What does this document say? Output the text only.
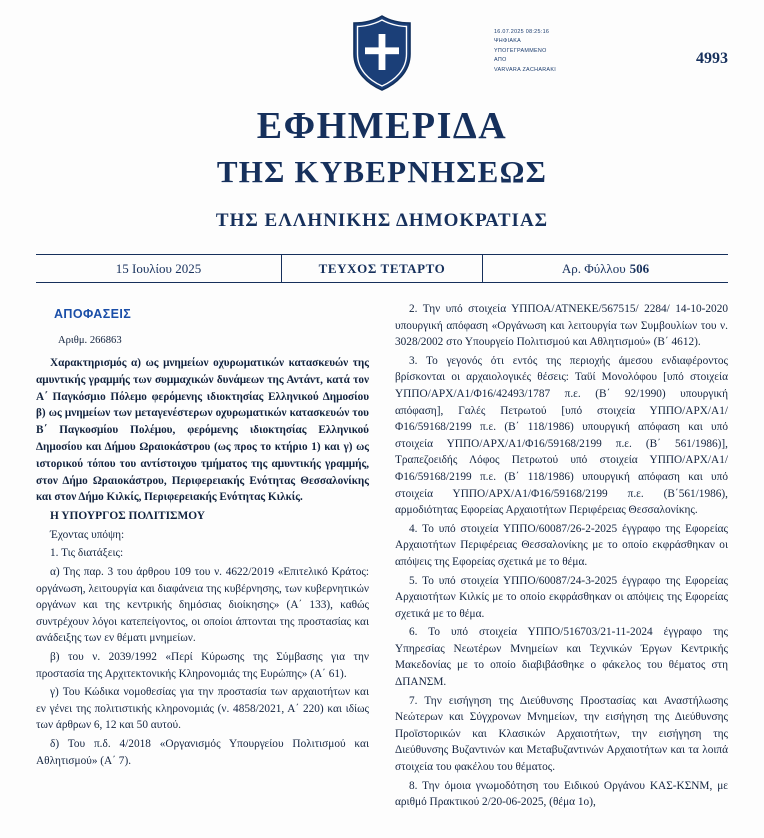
16.07.2025 08:25:16
ΨΗΦΙΑΚΑ
ΥΠΟΓΕΓΡΑΜΜΕΝΟ
ΑΠΟ
VARVARA ZACHARAKI
4993
ΕΦΗΜΕΡΙΔΑ
ΤΗΣ ΚΥΒΕΡΝΗΣΕΩΣ
ΤΗΣ ΕΛΛΗΝΙΚΗΣ ΔΗΜΟΚΡΑΤΙΑΣ
15 Ιουλίου 2025	ΤΕΥΧΟΣ ΤΕΤΑΡΤΟ	Αρ. Φύλλου 506
ΑΠΟΦΑΣΕΙΣ
Αριθμ. 266863

Χαρακτηρισμός α) ως μνημείων οχυρωματικών κατασκευών της αμυντικής γραμμής των συμμαχικών δυνάμεων της Αντάντ, κατά τον Α΄ Παγκόσμιο Πόλεμο φερόμενης ιδιοκτησίας Ελληνικού Δημοσίου β) ως μνημείων των μεταγενέστερων οχυρωματικών κατασκευών του Β΄ Παγκοσμίου Πολέμου, φερόμενης ιδιοκτησίας Ελληνικού Δημοσίου και Δήμου Ωραιοκάστρου (ως προς το κτήριο 1) και γ) ως ιστορικού τόπου του αντίστοιχου τμήματος της αμυντικής γραμμής, στον Δήμο Ωραιοκάστρου, Περιφερειακής Ενότητας Θεσσαλονίκης και στον Δήμο Κιλκίς, Περιφερειακής Ενότητας Κιλκίς.

Η ΥΠΟΥΡΓΟΣ ΠΟΛΙΤΙΣΜΟΥ

Έχοντας υπόψη:

1. Τις διατάξεις:

α) Της παρ. 3 του άρθρου 109 του ν. 4622/2019 «Επιτελικό Κράτος: οργάνωση, λειτουργία και διαφάνεια της κυβέρνησης, των κυβερνητικών οργάνων και της κεντρικής δημόσιας διοίκησης» (Α΄ 133), καθώς συντρέχουν λόγοι κατεπείγοντος, οι οποίοι άπτονται της προστασίας και ανάδειξης των εν θέματι μνημείων.

β) του ν. 2039/1992 «Περί Κύρωσης της Σύμβασης για την προστασία της Αρχιτεκτονικής Κληρονομιάς της Ευρώπης» (Α΄ 61).

γ) Του Κώδικα νομοθεσίας για την προστασία των αρχαιοτήτων και εν γένει της πολιτιστικής κληρονομιάς (ν. 4858/2021, Α΄ 220) και ιδίως των άρθρων 6, 12 και 50 αυτού.

δ) Του π.δ. 4/2018 «Οργανισμός Υπουργείου Πολιτισμού και Αθλητισμού» (Α΄ 7).

2. Την υπό στοιχεία ΥΠΠΟΑ/ΑΤΝΕΚΕ/567515/ 2284/ 14-10-2020 υπουργική απόφαση «Οργάνωση και λειτουργία των Συμβουλίων του ν. 3028/2002 στο Υπουργείο Πολιτισμού και Αθλητισμού» (Β΄ 4612).

3. Το γεγονός ότι εντός της περιοχής άμεσου ενδιαφέροντος βρίσκονται οι αρχαιολογικές θέσεις: Ταϋί Μονολόφου [υπό στοιχεία ΥΠΠΟ/ΑΡΧ/Α1/Φ16/42493/1787 π.ε. (Β΄ 92/1990) υπουργική απόφαση], Γαλές Πετρωτού [υπό στοιχεία ΥΠΠΟ/ΑΡΧ/Α1/Φ16/59168/2199 π.ε. (Β΄ 118/1986) υπουργική απόφαση και υπό στοιχεία ΥΠΠΟ/ΑΡΧ/Α1/Φ16/59168/2199 π.ε. (Β΄ 561/1986)], Τραπεζοειδής Λόφος Πετρωτού υπό στοιχεία ΥΠΠΟ/ΑΡΧ/Α1/Φ16/59168/2199 π.ε. (Β΄ 118/1986) υπουργική απόφαση και υπό στοιχεία ΥΠΠΟ/ΑΡΧ/Α1/Φ16/59168/2199 π.ε. (Β΄561/1986), αρμοδιότητας Εφορείας Αρχαιοτήτων Περιφέρειας Θεσσαλονίκης.

4. Το υπό στοιχεία ΥΠΠΟ/60087/26-2-2025 έγγραφο της Εφορείας Αρχαιοτήτων Περιφέρειας Θεσσαλονίκης με το οποίο εκφράσθηκαν οι απόψεις της Εφορείας σχετικά με το θέμα.

5. Το υπό στοιχεία ΥΠΠΟ/60087/24-3-2025 έγγραφο της Εφορείας Αρχαιοτήτων Κιλκίς με το οποίο εκφράσθηκαν οι απόψεις της Εφορείας σχετικά με το θέμα.

6. Το υπό στοιχεία ΥΠΠΟ/516703/21-11-2024 έγγραφο της Υπηρεσίας Νεωτέρων Μνημείων και Τεχνικών Έργων Κεντρικής Μακεδονίας με το οποίο διαβιβάσθηκε ο φάκελος του θέματος στη ΔΠΑΝΣΜ.

7. Την εισήγηση της Διεύθυνσης Προστασίας και Αναστήλωσης Νεώτερων και Σύγχρονων Μνημείων, την εισήγηση της Διεύθυνσης Προϊστορικών και Κλασικών Αρχαιοτήτων, την εισήγηση της Διεύθυνσης Βυζαντινών και Μεταβυζαντινών Αρχαιοτήτων και τα λοιπά στοιχεία του φακέλου του θέματος.

8. Την όμοια γνωμοδότηση του Ειδικού Οργάνου ΚΑΣ-ΚΣΝΜ, με αριθμό Πρακτικού 2/20-06-2025, (θέμα 1ο),
